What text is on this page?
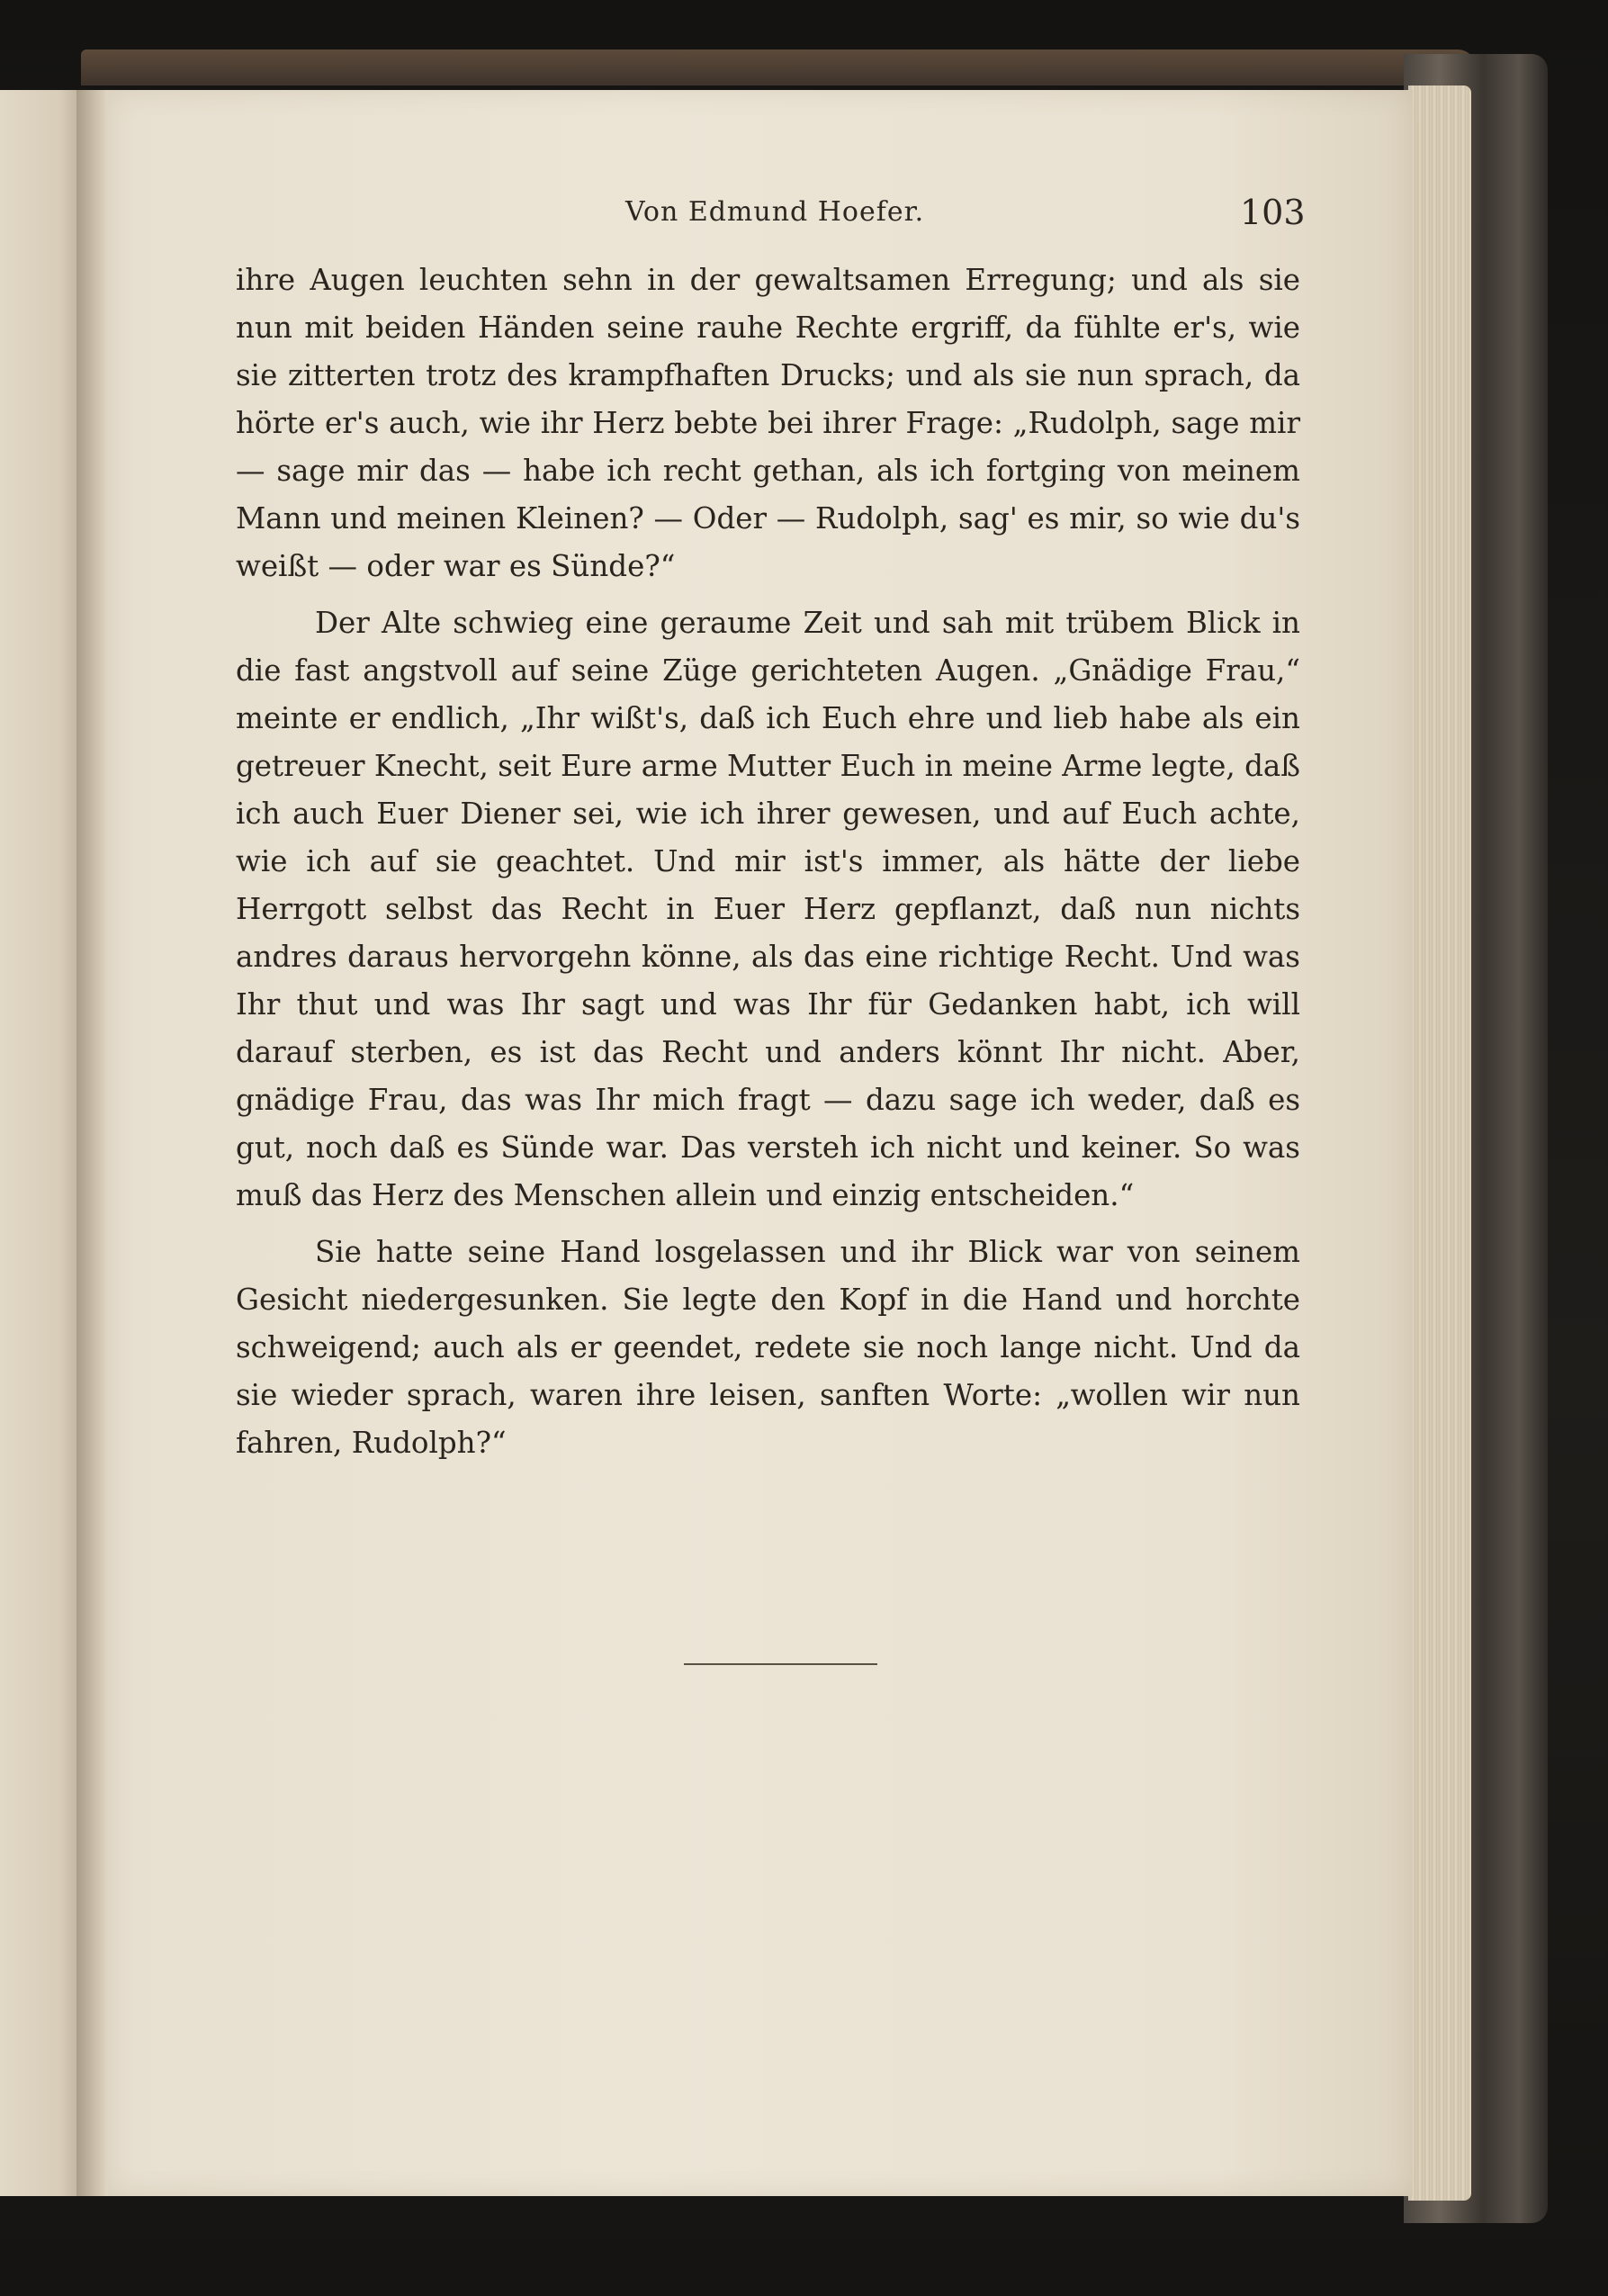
Von Edmund Hoefer.	103

ihre Augen leuchten sehn in der gewaltsamen Erregung; und als sie nun mit beiden Händen seine rauhe Rechte ergriff, da fühlte er's, wie sie zitterten trotz des krampfhaften Drucks; und als sie nun sprach, da hörte er's auch, wie ihr Herz bebte bei ihrer Frage: „Rudolph, sage mir — sage mir das — habe ich recht gethan, als ich fortging von meinem Mann und meinen Kleinen? — Oder — Rudolph, sag' es mir, so wie du's weißt — oder war es Sünde?“

Der Alte schwieg eine geraume Zeit und sah mit trübem Blick in die fast angstvoll auf seine Züge gerichteten Augen. „Gnädige Frau,“ meinte er endlich, „Ihr wißt's, daß ich Euch ehre und lieb habe als ein getreuer Knecht, seit Eure arme Mutter Euch in meine Arme legte, daß ich auch Euer Diener sei, wie ich ihrer gewesen, und auf Euch achte, wie ich auf sie geachtet. Und mir ist's immer, als hätte der liebe Herrgott selbst das Recht in Euer Herz gepflanzt, daß nun nichts andres daraus hervorgehn könne, als das eine richtige Recht. Und was Ihr thut und was Ihr sagt und was Ihr für Gedanken habt, ich will darauf sterben, es ist das Recht und anders könnt Ihr nicht. Aber, gnädige Frau, das was Ihr mich fragt — dazu sage ich weder, daß es gut, noch daß es Sünde war. Das versteh ich nicht und keiner. So was muß das Herz des Menschen allein und einzig entscheiden.“

Sie hatte seine Hand losgelassen und ihr Blick war von seinem Gesicht niedergesunken. Sie legte den Kopf in die Hand und horchte schweigend; auch als er geendet, redete sie noch lange nicht. Und da sie wieder sprach, waren ihre leisen, sanften Worte: „wollen wir nun fahren, Rudolph?“
